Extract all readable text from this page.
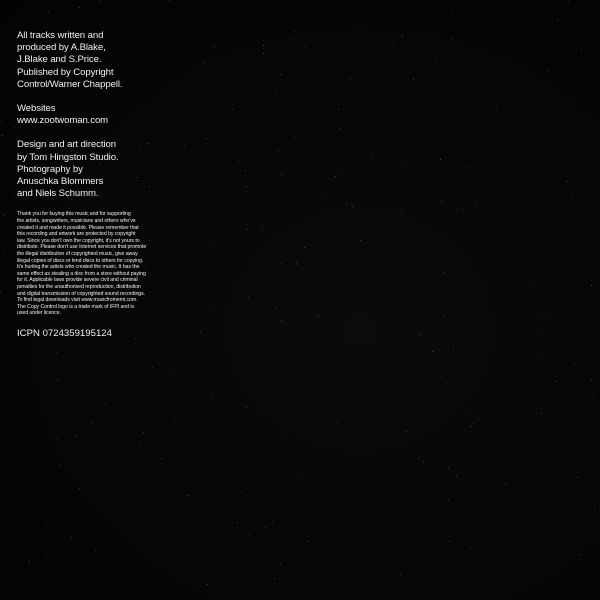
All tracks written and
produced by A.Blake,
J.Blake and S.Price.
Published by Copyright
Control/Warner Chappell.
Websites
www.zootwoman.com
Design and art direction
by Tom Hingston Studio.
Photography by
Anuschka Blommers
and Niels Schumm.
Thank you for buying this music and for supporting
the artists, songwriters, musicians and others who've
created it and made it possible. Please remember that
this recording and artwork are protected by copyright
law. Since you don't own the copyright, it's not yours to
distribute. Please don't use Internet services that promote
the illegal distribution of copyrighted music, give away
illegal copies of discs or lend discs to others for copying.
It's hurting the artists who created the music. It has the
same effect as stealing a disc from a store without paying
for it. Applicable laws provide severe civil and criminal
penalties for the unauthorised reproduction, distribution
and digital transmission of copyrighted sound recordings.
To find legal downloads visit www.musicfromemi.com.
The Copy Control logo is a trade mark of IFPI and is
used under licence.
ICPN 0724359195124
